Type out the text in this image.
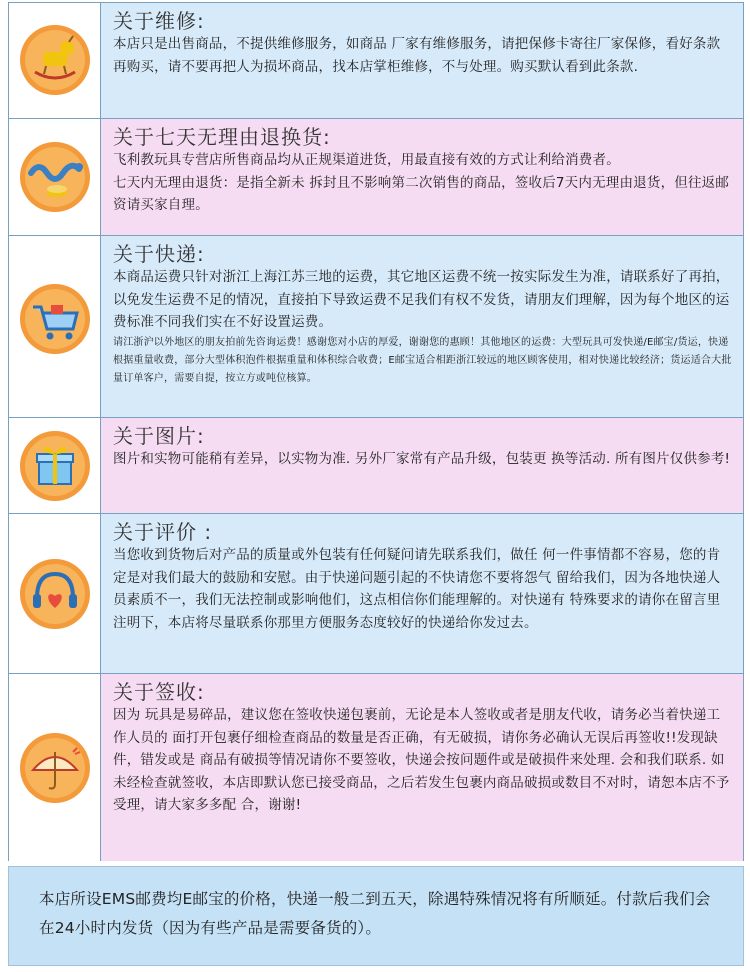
关于维修:
本店只是出售商品，不提供维修服务，如商品 厂家有维修服务，请把保修卡寄往厂家保修，看好条款再购买，请不要再把人为损坏商品，找本店掌柜维修，不与处理。购买默认看到此条款.
关于七天无理由退换货:
飞利教玩具专营店所售商品均从正规渠道进货，用最直接有效的方式让利给消费者。
七天内无理由退货：是指全新未 拆封且不影响第二次销售的商品，签收后7天内无理由退货，但往返邮资请买家自理。
关于快递:
本商品运费只针对浙江上海江苏三地的运费，其它地区运费不统一按实际发生为准，请联系好了再拍，以免发生运费不足的情况，直接拍下导致运费不足我们有权不发货，请朋友们理解，因为每个地区的运费标准不同我们实在不好设置运费。
请江浙沪以外地区的朋友拍前先咨询运费！感谢您对小店的厚爱，谢谢您的惠顾！其他地区的运费：大型玩具可发快递/E邮宝/货运，快递根据重量收费，部分大型体积泡件根据重量和体积综合收费；E邮宝适合相距浙江较远的地区顾客使用，相对快递比较经济；货运适合大批量订单客户，需要自提，按立方或吨位核算。
关于图片:
图片和实物可能稍有差异，以实物为准. 另外厂家常有产品升级，包装更 换等活动. 所有图片仅供参考!
关于评价 :
当您收到货物后对产品的质量或外包装有任何疑问请先联系我们，做任 何一件事情都不容易，您的肯定是对我们最大的鼓励和安慰。由于快递问题引起的不快请您不要将怨气 留给我们，因为各地快递人员素质不一，我们无法控制或影响他们，这点相信你们能理解的。对快递有 特殊要求的请你在留言里注明下，本店将尽量联系你那里方便服务态度较好的快递给你发过去。
关于签收:
因为 玩具是易碎品，建议您在签收快递包裹前，无论是本人签收或者是朋友代收，请务必当着快递工作人员的 面打开包裹仔细检查商品的数量是否正确，有无破损，请你务必确认无误后再签收!!发现缺件，错发或是 商品有破损等情况请你不要签收，快递会按问题件或是破损件来处理. 会和我们联系. 如未经检查就签收，本店即默认您已接受商品，之后若发生包裹内商品破损或数目不对时，请恕本店不予受理，请大家多多配 合，谢谢!
本店所设EMS邮费均E邮宝的价格，快递一般二到五天，除遇特殊情况将有所顺延。付款后我们会在24小时内发货（因为有些产品是需要备货的）。
